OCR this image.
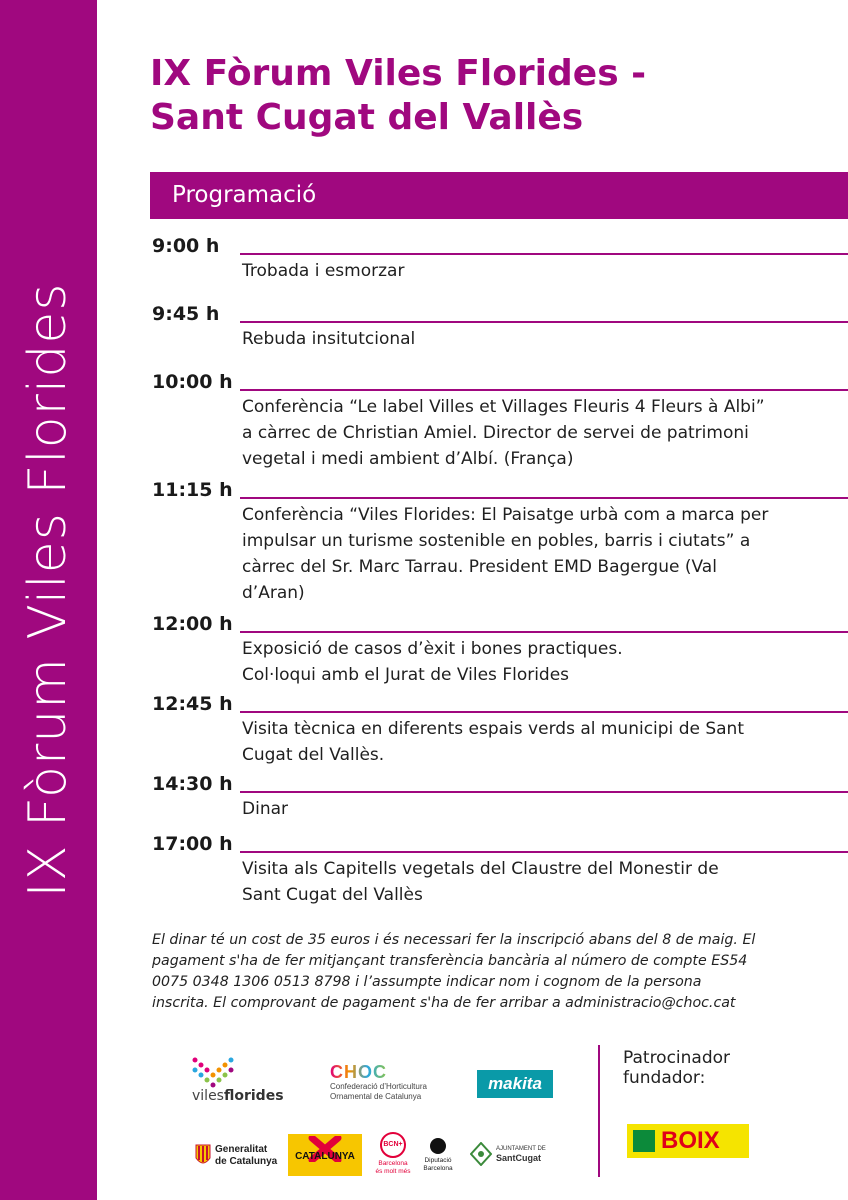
IX Fòrum Viles Florides
IX Fòrum Viles Florides -
Sant Cugat del Vallès
Programació
9:00 h
Trobada i esmorzar
9:45 h
Rebuda insitutcional
10:00 h
Conferència “Le label Villes et Villages Fleuris 4 Fleurs à Albi”
a càrrec de Christian Amiel. Director de servei de patrimoni
vegetal i medi ambient d’Albí. (França)
11:15 h
Conferència “Viles Florides: El Paisatge urbà com a marca per
impulsar un turisme sostenible en pobles, barris i ciutats” a
càrrec del Sr. Marc Tarrau. President EMD Bagergue (Val
d’Aran)
12:00 h
Exposició de casos d’èxit i bones practiques.
Col·loqui amb el Jurat de Viles Florides
12:45 h
Visita tècnica en diferents espais verds al municipi de Sant
Cugat del Vallès.
14:30 h
Dinar
17:00 h
Visita als Capitells vegetals del Claustre del Monestir de
Sant Cugat del Vallès

El dinar té un cost de 35 euros i és necessari fer la inscripció abans del 8 de maig. El pagament s'ha de fer mitjançant transferència bancària al número de compte ES54 0075 0348 1306 0513 8798 i l’assumpte indicar nom i cognom de la persona inscrita. El comprovant de pagament s'ha de fer arribar a administracio@choc.cat

Patrocinador
fundador:
vilesflorides
CHOC
Confederació d’Horticultura
Ornamental de Catalunya
makita
Generalitat
de Catalunya	CATALUNYA
BCN+
Barcelona
és molt més
Diputació
Barcelona
AJUNTAMENT DE
SantCugat
BOIX
